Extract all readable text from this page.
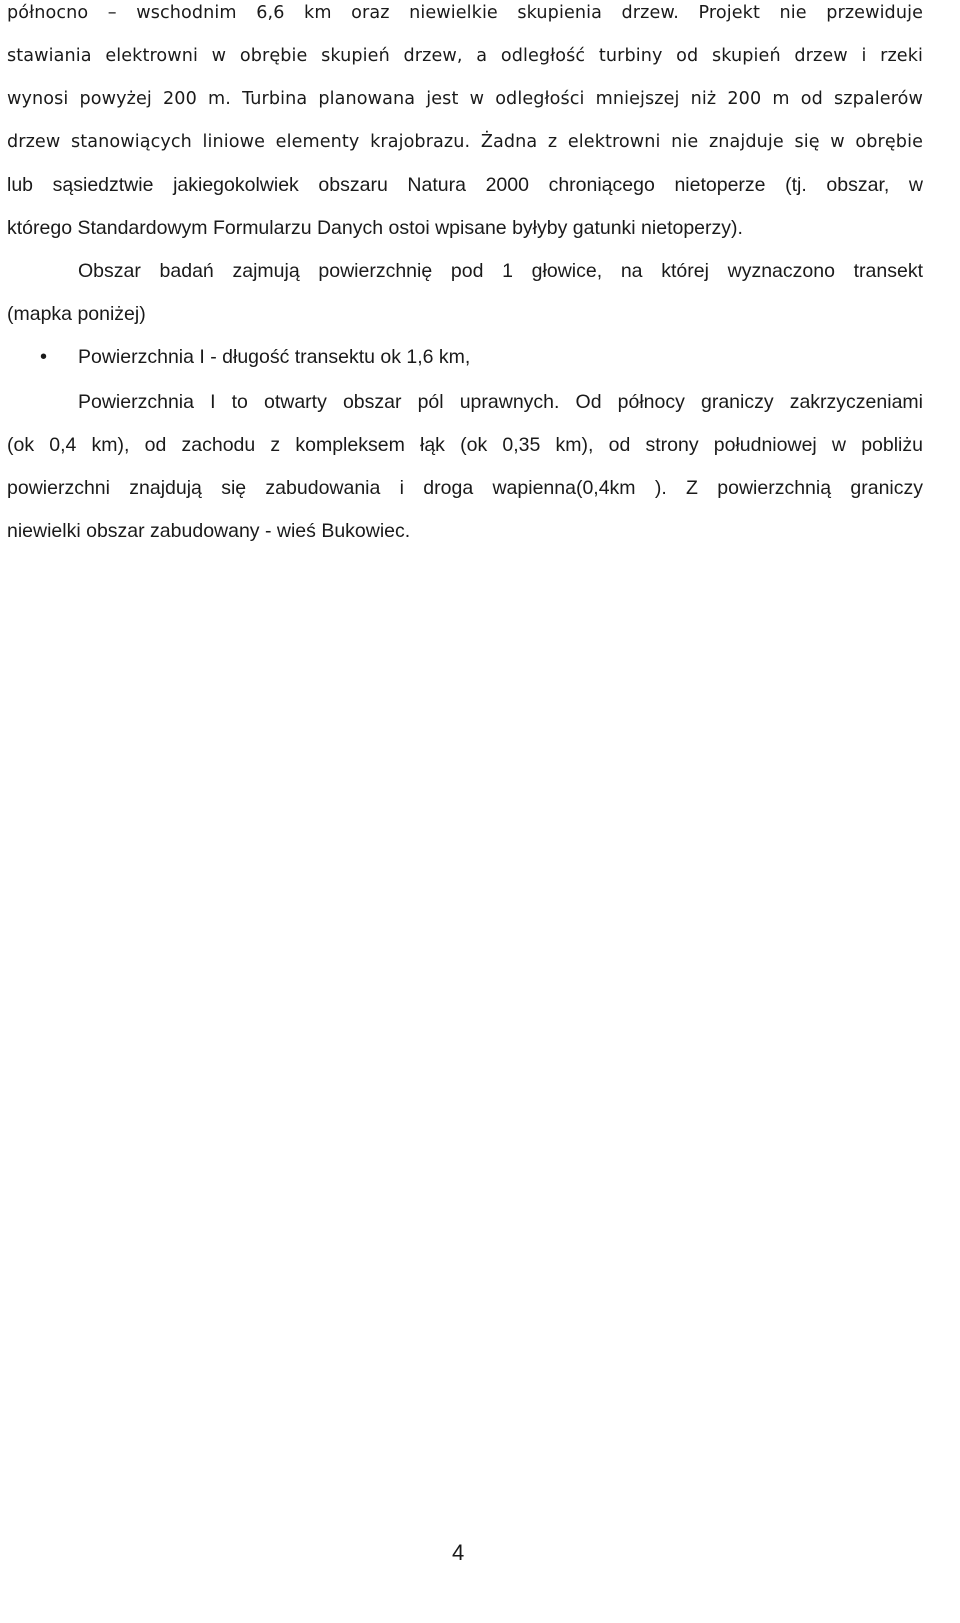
północno – wschodnim 6,6 km oraz niewielkie skupienia drzew. Projekt nie przewiduje
stawiania elektrowni w obrębie skupień drzew, a odległość turbiny od skupień drzew i rzeki
wynosi powyżej 200 m. Turbina planowana jest w odległości mniejszej niż 200 m od szpalerów
drzew stanowiących liniowe elementy krajobrazu. Żadna z elektrowni nie znajduje się w obrębie
lub sąsiedztwie jakiegokolwiek obszaru Natura 2000 chroniącego nietoperze (tj. obszar, w
którego Standardowym Formularzu Danych ostoi wpisane byłyby gatunki nietoperzy).
Obszar badań zajmują powierzchnię pod 1 głowice, na której wyznaczono transekt
(mapka poniżej)
• Powierzchnia I - długość transektu ok 1,6 km,
Powierzchnia I to otwarty obszar pól uprawnych. Od północy graniczy zakrzyczeniami
(ok 0,4 km), od zachodu z kompleksem łąk (ok 0,35 km), od strony południowej w pobliżu
powierzchni znajdują się zabudowania i droga wapienna(0,4km ). Z powierzchnią graniczy
niewielki obszar zabudowany - wieś Bukowiec.
4
